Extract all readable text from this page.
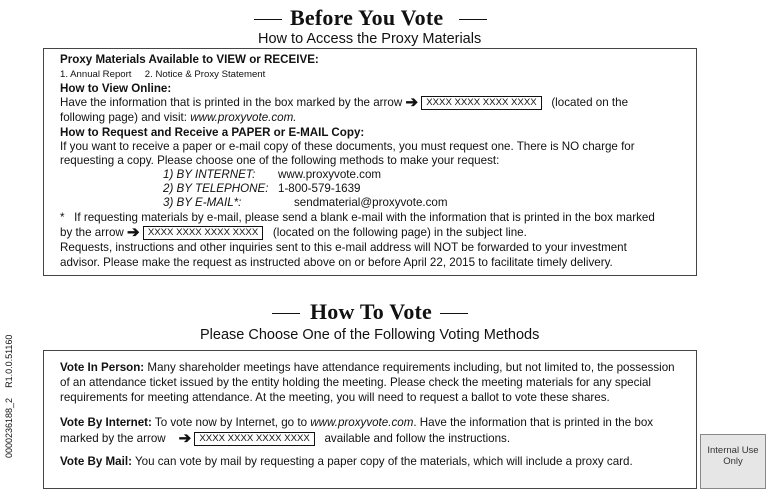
Before You Vote
How to Access the Proxy Materials
Proxy Materials Available to VIEW or RECEIVE:
1. Annual Report     2. Notice & Proxy Statement
How to View Online:
Have the information that is printed in the box marked by the arrow ➔ XXXX XXXX XXXX XXXX (located on the
following page) and visit: www.proxyvote.com.
How to Request and Receive a PAPER or E-MAIL Copy:
If you want to receive a paper or e-mail copy of these documents, you must request one. There is NO charge for
requesting a copy. Please choose one of the following methods to make your request:
1) BY INTERNET: www.proxyvote.com
2) BY TELEPHONE: 1-800-579-1639
3) BY E-MAIL*:	sendmaterial@proxyvote.com
*   If requesting materials by e-mail, please send a blank e-mail with the information that is printed in the box marked
by the arrow ➔ XXXX XXXX XXXX XXXX (located on the following page) in the subject line.
Requests, instructions and other inquiries sent to this e-mail address will NOT be forwarded to your investment
advisor. Please make the request as instructed above on or before April 22, 2015 to facilitate timely delivery.
How To Vote
Please Choose One of the Following Voting Methods
Vote In Person: Many shareholder meetings have attendance requirements including, but not limited to, the possession
of an attendance ticket issued by the entity holding the meeting. Please check the meeting materials for any special
requirements for meeting attendance. At the meeting, you will need to request a ballot to vote these shares.
Vote By Internet: To vote now by Internet, go to www.proxyvote.com. Have the information that is printed in the box
marked by the arrow ➔ XXXX XXXX XXXX XXXX available and follow the instructions.
Vote By Mail: You can vote by mail by requesting a paper copy of the materials, which will include a proxy card.
0000236188_2    R1.0.0.51160	Internal Use
Only
